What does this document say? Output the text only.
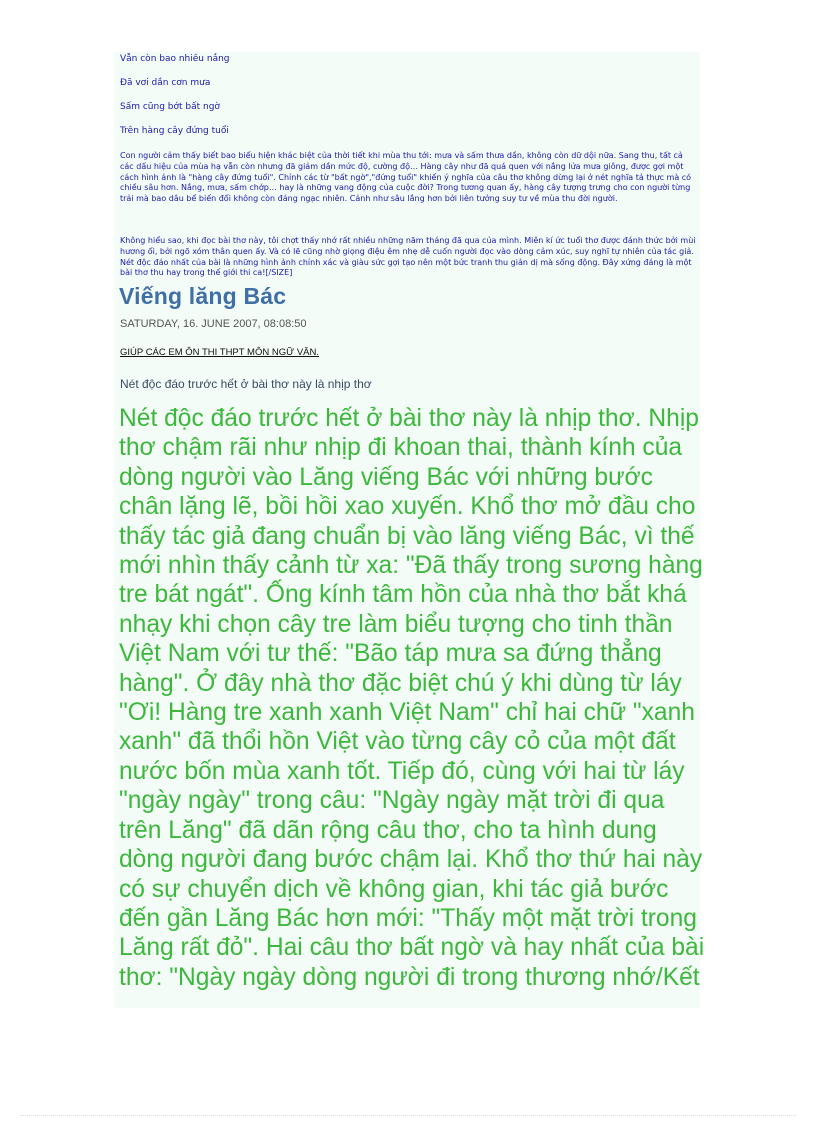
Vẫn còn bao nhiêu nắng

Đã vơi dần cơn mưa

Sấm cũng bớt bất ngờ

Trên hàng cây đứng tuổi

Con người cảm thấy biết bao biểu hiện khác biệt của thời tiết khi mùa thu tới: mưa và sấm thưa dần, không còn dữ dội nữa. Sang thu, tất cả các dấu hiệu của mùa hạ vẫn còn nhưng đã giảm dần mức độ, cường độ… Hàng cây như đã quá quen với nắng lửa mưa giông, được gợi một cách hình ảnh là "hàng cây đứng tuổi". Chính các từ "bất ngờ","đứng tuổi" khiến ý nghĩa của câu thơ không dừng lại ở nét nghĩa tả thực mà có chiều sâu hơn. Nắng, mưa, sấm chớp… hay là những vang động của cuộc đời? Trong tương quan ấy, hàng cây tượng trưng cho con người từng trải mà bao dâu bể biến đổi không còn đáng ngạc nhiên. Cảnh như sâu lắng hơn bởi liên tưởng suy tư về mùa thu đời người.

Không hiểu sao, khi đọc bài thơ này, tôi chợt thấy nhớ rất nhiều những năm tháng đã qua của mình. Miên kí ức tuổi thơ được đánh thức bởi mùi hương ổi, bởi ngõ xóm thân quen ấy. Và có lẽ cũng nhờ giọng điệu êm nhẹ dễ cuốn người đọc vào dòng cảm xúc, suy nghĩ tự nhiên của tác giả. Nét độc đáo nhất của bài là những hình ảnh chính xác và giàu sức gợi tạo nên một bức tranh thu giản dị mà sống động. Đây xứng đáng là một bài thơ thu hay trong thế giới thi ca![/SIZE]

Viếng lăng Bác

SATURDAY, 16. JUNE 2007, 08:08:50

GIÚP CÁC EM ÔN THI THPT MÔN NGỮ VĂN.

Nét độc đáo trước hết ở bài thơ này là nhịp thơ

Nét độc đáo trước hết ở bài thơ này là nhịp thơ. Nhịp thơ chậm rãi như nhịp đi khoan thai, thành kính của dòng người vào Lăng viếng Bác với những bước chân lặng lẽ, bồi hồi xao xuyến. Khổ thơ mở đầu cho thấy tác giả đang chuẩn bị vào lăng viếng Bác, vì thế mới nhìn thấy cảnh từ xa: "Đã thấy trong sương hàng tre bát ngát". Ống kính tâm hồn của nhà thơ bắt khá nhạy khi chọn cây tre làm biểu tượng cho tinh thần Việt Nam với tư thế: "Bão táp mưa sa đứng thẳng hàng". Ở đây nhà thơ đặc biệt chú ý khi dùng từ láy "Ơi! Hàng tre xanh xanh Việt Nam" chỉ hai chữ "xanh xanh" đã thổi hồn Việt vào từng cây cỏ của một đất nước bốn mùa xanh tốt. Tiếp đó, cùng với hai từ láy "ngày ngày" trong câu: "Ngày ngày mặt trời đi qua trên Lăng" đã dãn rộng câu thơ, cho ta hình dung dòng người đang bước chậm lại. Khổ thơ thứ hai này có sự chuyển dịch về không gian, khi tác giả bước đến gần Lăng Bác hơn mới: "Thấy một mặt trời trong Lăng rất đỏ". Hai câu thơ bất ngờ và hay nhất của bài thơ: "Ngày ngày dòng người đi trong thương nhớ/Kết
